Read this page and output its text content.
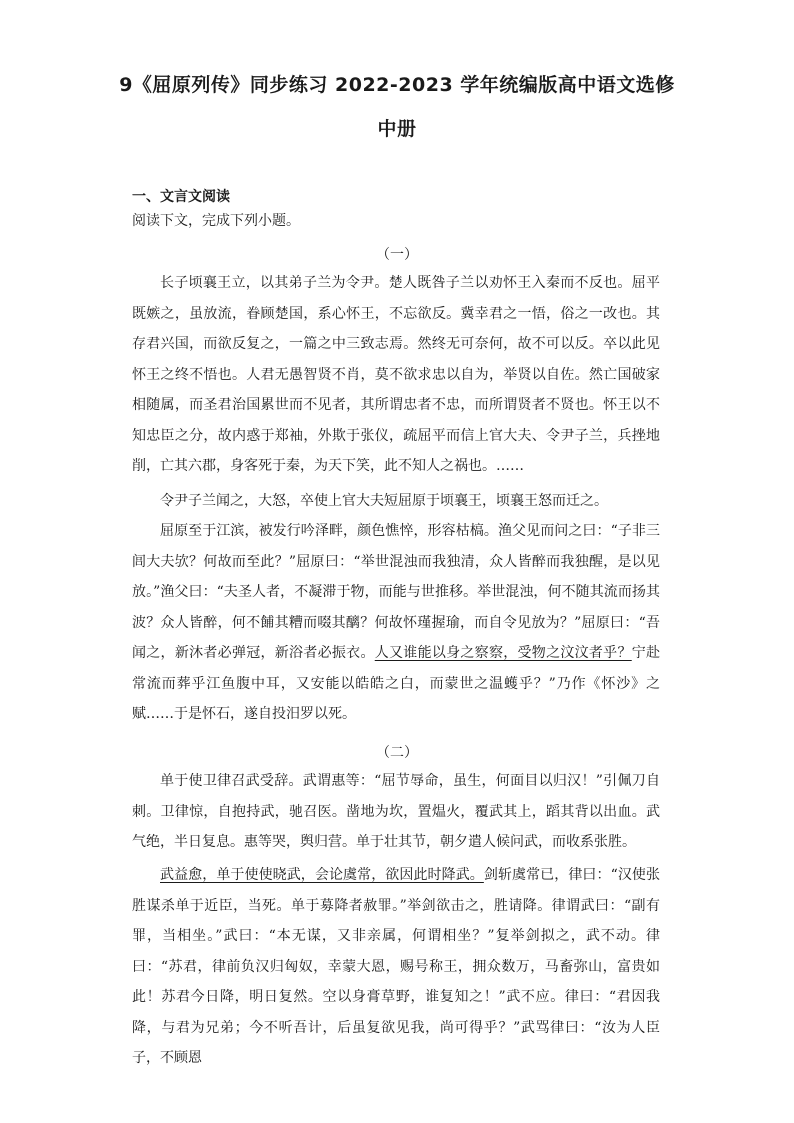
9《屈原列传》同步练习 2022-2023 学年统编版高中语文选修
中册
一、文言文阅读
阅读下文，完成下列小题。
（一）

长子顷襄王立，以其弟子兰为令尹。楚人既咎子兰以劝怀王入秦而不反也。屈平既嫉之，虽放流，眷顾楚国，系心怀王，不忘欲反。冀幸君之一悟，俗之一改也。其存君兴国，而欲反复之，一篇之中三致志焉。然终无可奈何，故不可以反。卒以此见怀王之终不悟也。人君无愚智贤不肖，莫不欲求忠以自为，举贤以自佐。然亡国破家相随属，而圣君治国累世而不见者，其所谓忠者不忠，而所谓贤者不贤也。怀王以不知忠臣之分，故内惑于郑袖，外欺于张仪，疏屈平而信上官大夫、令尹子兰，兵挫地削，亡其六郡，身客死于秦，为天下笑，此不知人之祸也。……

令尹子兰闻之，大怒，卒使上官大夫短屈原于顷襄王，顷襄王怒而迁之。

屈原至于江滨，被发行吟泽畔，颜色憔悴，形容枯槁。渔父见而问之曰：“子非三闾大夫欤？何故而至此？”屈原曰：“举世混浊而我独清，众人皆醉而我独醒，是以见放。”渔父曰：“夫圣人者，不凝滞于物，而能与世推移。举世混浊，何不随其流而扬其波？众人皆醉，何不餔其糟而啜其醨？何故怀瑾握瑜，而自令见放为？”屈原曰：“吾闻之，新沐者必弹冠，新浴者必振衣。人又谁能以身之察察，受物之汶汶者乎？宁赴常流而葬乎江鱼腹中耳，又安能以皓皓之白，而蒙世之温蠖乎？”乃作《怀沙》之赋……于是怀石，遂自投汨罗以死。

（二）

单于使卫律召武受辞。武谓惠等：“屈节辱命，虽生，何面目以归汉！”引佩刀自刺。卫律惊，自抱持武，驰召医。凿地为坎，置煴火，覆武其上，蹈其背以出血。武气绝，半日复息。惠等哭，舆归营。单于壮其节，朝夕遣人候问武，而收系张胜。

武益愈，单于使使晓武，会论虞常，欲因此时降武。剑斩虞常已，律曰：“汉使张胜谋杀单于近臣，当死。单于募降者赦罪。”举剑欲击之，胜请降。律谓武曰：“副有罪，当相坐。”武曰：“本无谋，又非亲属，何谓相坐？”复举剑拟之，武不动。律曰：“苏君，律前负汉归匈奴，幸蒙大恩，赐号称王，拥众数万，马畜弥山，富贵如此！苏君今日降，明日复然。空以身膏草野，谁复知之！”武不应。律曰：“君因我降，与君为兄弟；今不听吾计，后虽复欲见我，尚可得乎？”武骂律曰：“汝为人臣子，不顾恩
